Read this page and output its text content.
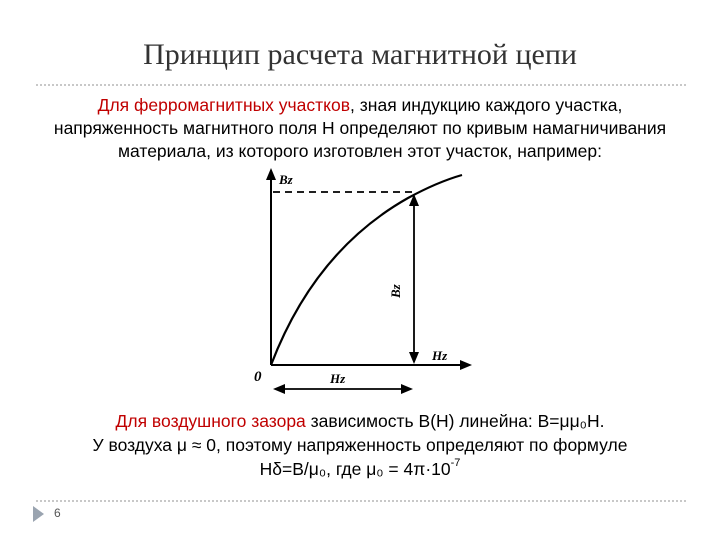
Принцип расчета магнитной цепи
Для ферромагнитных участков, зная индукцию каждого участка,
напряженность магнитного поля H определяют по кривым намагничивания
материала, из которого изготовлен этот участок, например:
Bz
Hz
0	Hz
Bz
Для воздушного зазора зависимость B(H) линейна: B=μμ₀H.
У воздуха μ ≈ 0, поэтому напряженность определяют по формуле
Hδ=B/μ₀, где $\mu_0 = 4\pi\cdot 10^{-7}$
6
